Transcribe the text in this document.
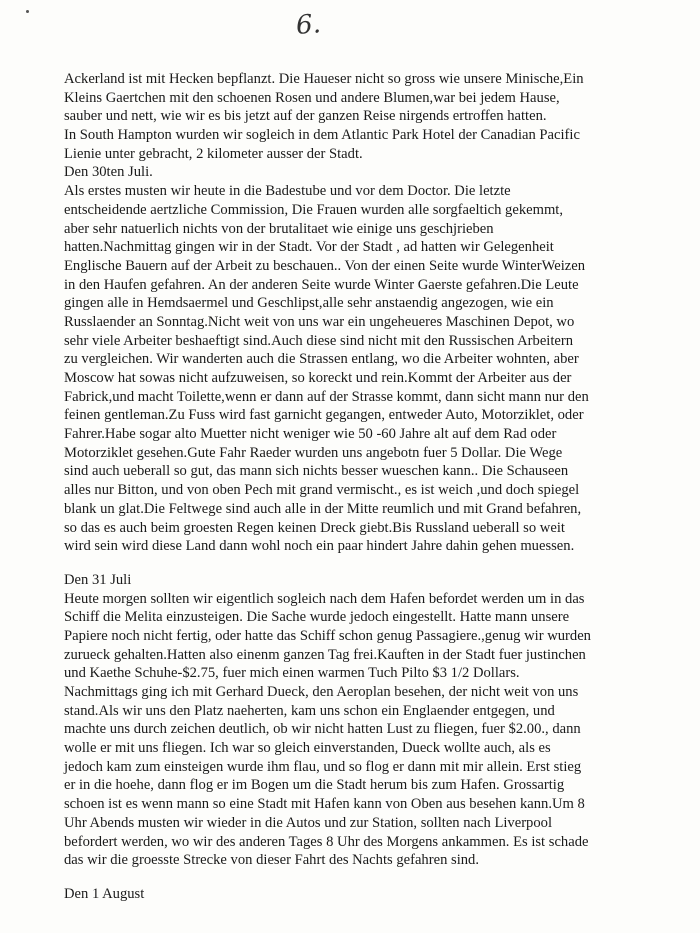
6.
Ackerland ist mit Hecken bepflanzt. Die Haueser nicht so gross wie unsere Minische,Ein
Kleins Gaertchen mit den schoenen Rosen und andere Blumen,war bei jedem Hause,
sauber und nett, wie wir es bis jetzt auf der ganzen Reise nirgends ertroffen hatten.
In South Hampton wurden wir sogleich in dem Atlantic Park Hotel der Canadian Pacific
Lienie unter gebracht, 2 kilometer ausser der Stadt.
Den 30ten Juli.
Als erstes musten wir heute in die Badestube und vor dem Doctor. Die letzte
entscheidende aertzliche Commission, Die Frauen wurden alle sorgfaeltich gekemmt,
aber sehr natuerlich nichts von der brutalitaet wie einige uns geschjrieben
hatten.Nachmittag gingen wir in der Stadt. Vor der Stadt , ad hatten wir Gelegenheit
Englische Bauern auf der Arbeit zu beschauen.. Von der einen Seite wurde WinterWeizen
in den Haufen gefahren. An der anderen Seite wurde Winter Gaerste gefahren.Die Leute
gingen alle in Hemdsaermel und Geschlipst,alle sehr anstaendig angezogen, wie ein
Russlaender an Sonntag.Nicht weit von uns war ein ungeheueres Maschinen Depot, wo
sehr viele Arbeiter beshaeftigt sind.Auch diese sind nicht mit den Russischen Arbeitern
zu vergleichen. Wir wanderten auch die Strassen entlang, wo die Arbeiter wohnten, aber
Moscow hat sowas nicht aufzuweisen, so koreckt und rein.Kommt der Arbeiter aus der
Fabrick,und macht Toilette,wenn er dann auf der Strasse kommt, dann sicht mann nur den
feinen gentleman.Zu Fuss wird fast garnicht gegangen, entweder Auto, Motorziklet, oder
Fahrer.Habe sogar alto Muetter nicht weniger wie 50 -60 Jahre alt auf dem Rad oder
Motorziklet gesehen.Gute Fahr Raeder wurden uns angebotn fuer 5 Dollar. Die Wege
sind auch ueberall so gut, das mann sich nichts besser wueschen kann.. Die Schauseen
alles nur Bitton, und von oben Pech mit grand vermischt., es ist weich ,und doch spiegel
blank un glat.Die Feltwege sind auch alle in der Mitte reumlich und mit Grand befahren,
so das es auch beim groesten Regen keinen Dreck giebt.Bis Russland ueberall so weit
wird sein wird diese Land dann wohl noch ein paar hindert Jahre dahin gehen muessen.
Den 31 Juli
Heute morgen sollten wir eigentlich sogleich nach dem Hafen befordet werden um in das
Schiff die Melita einzusteigen. Die Sache wurde jedoch eingestellt. Hatte mann unsere
Papiere noch nicht fertig, oder hatte das Schiff schon genug Passagiere.,genug wir wurden
zurueck gehalten.Hatten also einenm ganzen Tag frei.Kauften in der Stadt fuer justinchen
und Kaethe Schuhe-$2.75, fuer mich einen warmen Tuch Pilto $3 1/2 Dollars.
Nachmittags ging ich mit Gerhard Dueck, den Aeroplan besehen, der nicht weit von uns
stand.Als wir uns den Platz naeherten, kam uns schon ein Englaender entgegen, und
machte uns durch zeichen deutlich, ob wir nicht hatten Lust zu fliegen, fuer $2.00., dann
wolle er mit uns fliegen. Ich war so gleich einverstanden, Dueck wollte auch, als es
jedoch kam zum einsteigen wurde ihm flau, und so flog er dann mit mir allein. Erst stieg
er in die hoehe, dann flog er im Bogen um die Stadt herum bis zum Hafen. Grossartig
schoen ist es wenn mann so eine Stadt mit Hafen kann von Oben aus besehen kann.Um 8
Uhr Abends musten wir wieder in die Autos und zur Station, sollten nach Liverpool
befordert werden, wo wir des anderen Tages 8 Uhr des Morgens ankammen. Es ist schade
das wir die groesste Strecke von dieser Fahrt des Nachts gefahren sind.
Den 1 August
